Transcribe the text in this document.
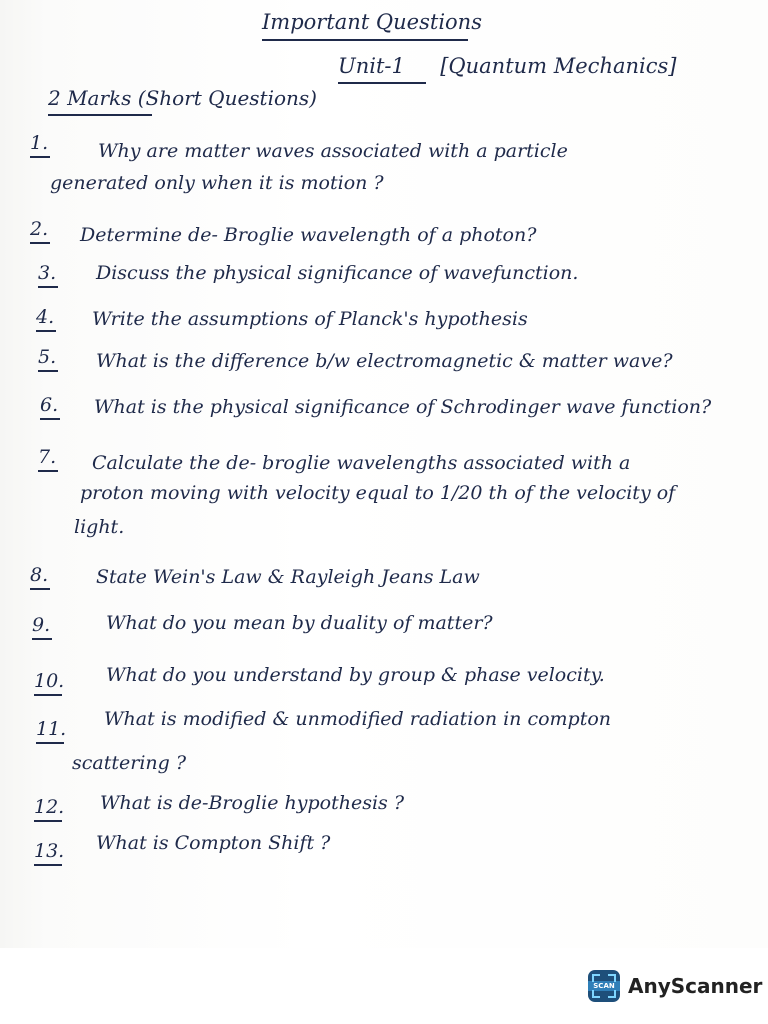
Important Questions
Unit-1 [Quantum Mechanics]
2 Marks (Short Questions)
1.	Why are matter waves associated with a particle
generated only when it is motion ?
2. Determine de- Broglie wavelength of a photon?
3. Discuss the physical significance of wavefunction.
4. Write the assumptions of Planck's hypothesis
5. What is the difference b/w electromagnetic & matter wave?
6. What is the physical significance of Schrodinger wave function?
7. Calculate the de- broglie wavelengths associated with a
proton moving with velocity equal to 1/20 th of the velocity of
light.
8.	State Wein's Law & Rayleigh Jeans Law
9.	What do you mean by duality of matter?
10. What do you understand by group & phase velocity.
11. What is modified & unmodified radiation in compton
scattering ?
12. What is de-Broglie hypothesis ?
13. What is Compton Shift ?
SCAN AnyScanner
